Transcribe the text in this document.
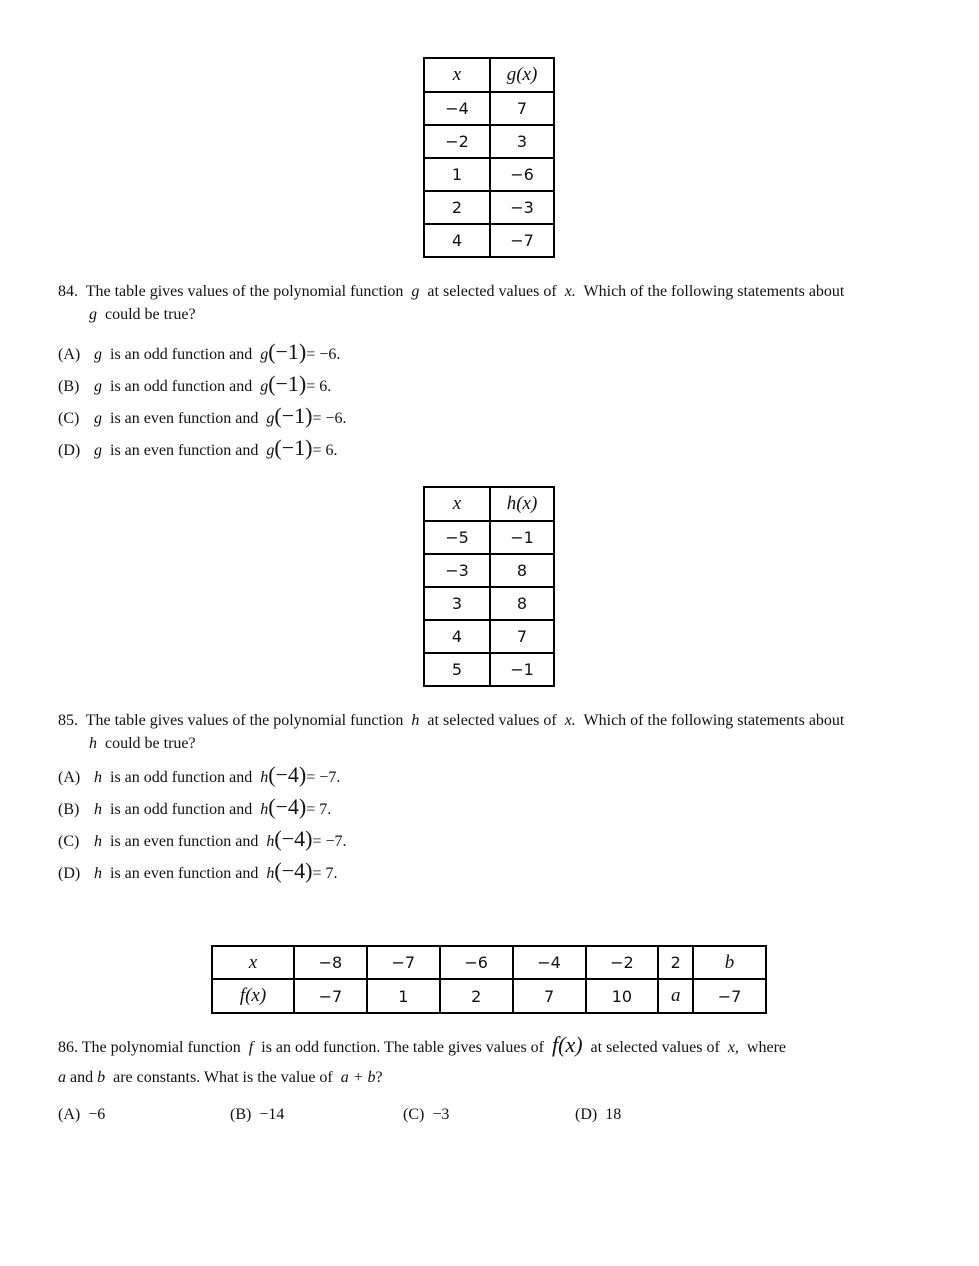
x	g(x)
−4	7
−2	3
1	−6
2	−3
4	−7
84. The table gives values of the polynomial function g at selected values of x. Which of the following statements about
g could be true?
(A) g is an odd function and g(−1)= −6.
(B) g is an odd function and g(−1)= 6.
(C) g is an even function and g(−1)= −6.
(D) g is an even function and g(−1)= 6.
x	h(x)
−5	−1
−3	8
3	8
4	7
5	−1
85. The table gives values of the polynomial function h at selected values of x. Which of the following statements about
h could be true?
(A) h is an odd function and h(−4)= −7.
(B) h is an odd function and h(−4)= 7.
(C) h is an even function and h(−4)= −7.
(D) h is an even function and h(−4)= 7.
x	−8	−7	−6	−4	−2	2	b
f(x)	−7	1	2	7	10	a	−7
86. The polynomial function f is an odd function. The table gives values of f(x) at selected values of x, where
a and b are constants. What is the value of a + b?
(A) −6	(B) −14	(C) −3	(D) 18
